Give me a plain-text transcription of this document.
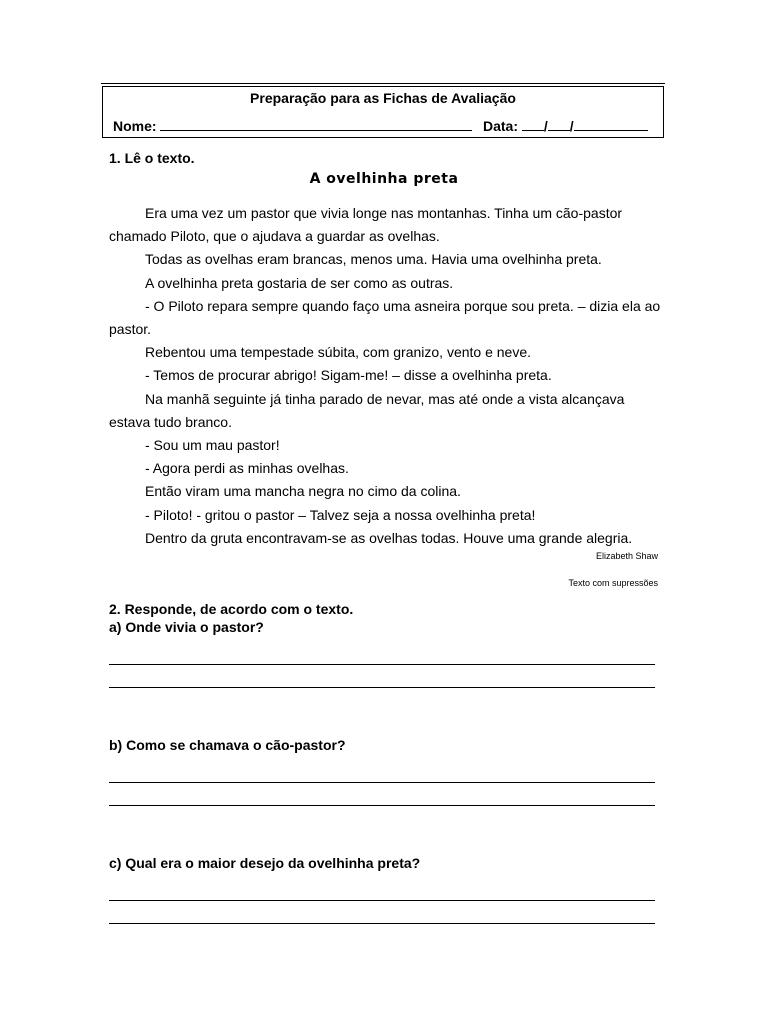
Preparação para as Fichas de Avaliação
Nome:	Data: / /
1. Lê o texto.
A ovelhinha preta

Era uma vez um pastor que vivia longe nas montanhas. Tinha um cão-pastor chamado Piloto, que o ajudava a guardar as ovelhas.

Todas as ovelhas eram brancas, menos uma. Havia uma ovelhinha preta.

A ovelhinha preta gostaria de ser como as outras.

- O Piloto repara sempre quando faço uma asneira porque sou preta. – dizia ela ao pastor.

Rebentou uma tempestade súbita, com granizo, vento e neve.

- Temos de procurar abrigo! Sigam-me! – disse a ovelhinha preta.

Na manhã seguinte já tinha parado de nevar, mas até onde a vista alcançava estava tudo branco.

- Sou um mau pastor!

- Agora perdi as minhas ovelhas.

Então viram uma mancha negra no cimo da colina.

- Piloto! - gritou o pastor – Talvez seja a nossa ovelhinha preta!

Dentro da gruta encontravam-se as ovelhas todas. Houve uma grande alegria.

Elizabeth Shaw
Texto com supressões
2. Responde, de acordo com o texto.
a) Onde vivia o pastor?
b) Como se chamava o cão-pastor?
c) Qual era o maior desejo da ovelhinha preta?
